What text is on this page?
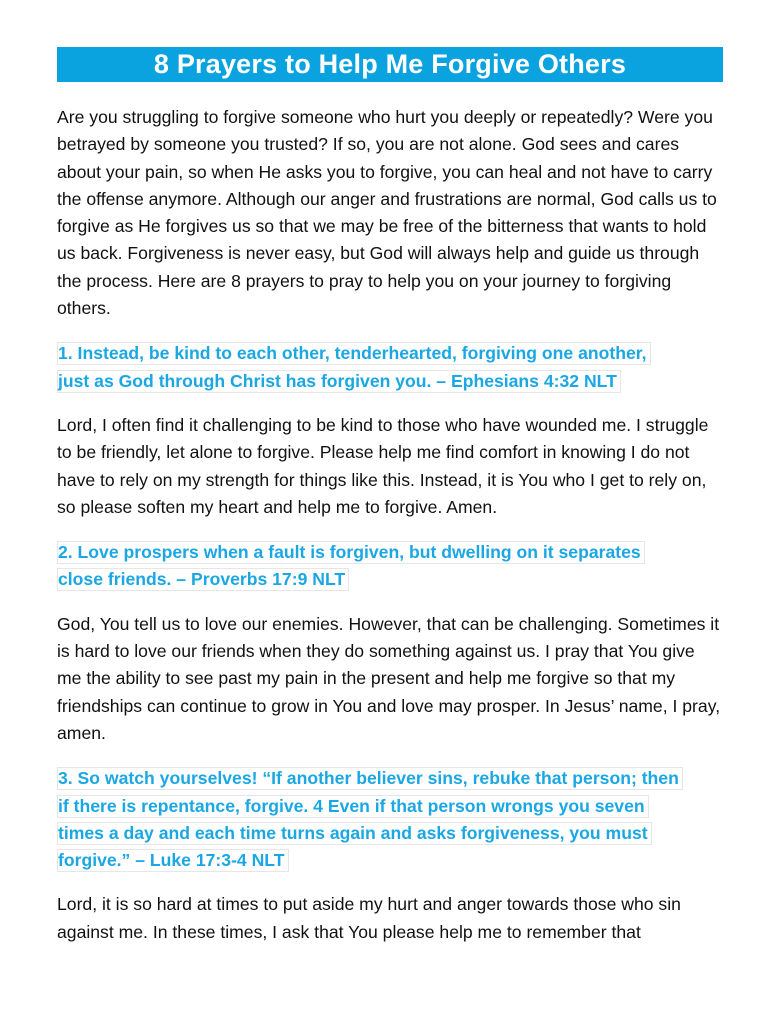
8 Prayers to Help Me Forgive Others

Are you struggling to forgive someone who hurt you deeply or repeatedly? Were you betrayed by someone you trusted? If so, you are not alone. God sees and cares about your pain, so when He asks you to forgive, you can heal and not have to carry the offense anymore. Although our anger and frustrations are normal, God calls us to forgive as He forgives us so that we may be free of the bitterness that wants to hold us back. Forgiveness is never easy, but God will always help and guide us through the process. Here are 8 prayers to pray to help you on your journey to forgiving others.

1. Instead, be kind to each other, tenderhearted, forgiving one another,
just as God through Christ has forgiven you. – Ephesians 4:32 NLT

Lord, I often find it challenging to be kind to those who have wounded me. I struggle to be friendly, let alone to forgive. Please help me find comfort in knowing I do not have to rely on my strength for things like this. Instead, it is You who I get to rely on, so please soften my heart and help me to forgive. Amen.

2. Love prospers when a fault is forgiven, but dwelling on it separates
close friends. – Proverbs 17:9 NLT

God, You tell us to love our enemies. However, that can be challenging. Sometimes it is hard to love our friends when they do something against us. I pray that You give me the ability to see past my pain in the present and help me forgive so that my friendships can continue to grow in You and love may prosper. In Jesus’ name, I pray, amen.

3. So watch yourselves! “If another believer sins, rebuke that person; then
if there is repentance, forgive. 4 Even if that person wrongs you seven
times a day and each time turns again and asks forgiveness, you must
forgive.” – Luke 17:3-4 NLT

Lord, it is so hard at times to put aside my hurt and anger towards those who sin against me. In these times, I ask that You please help me to remember that
